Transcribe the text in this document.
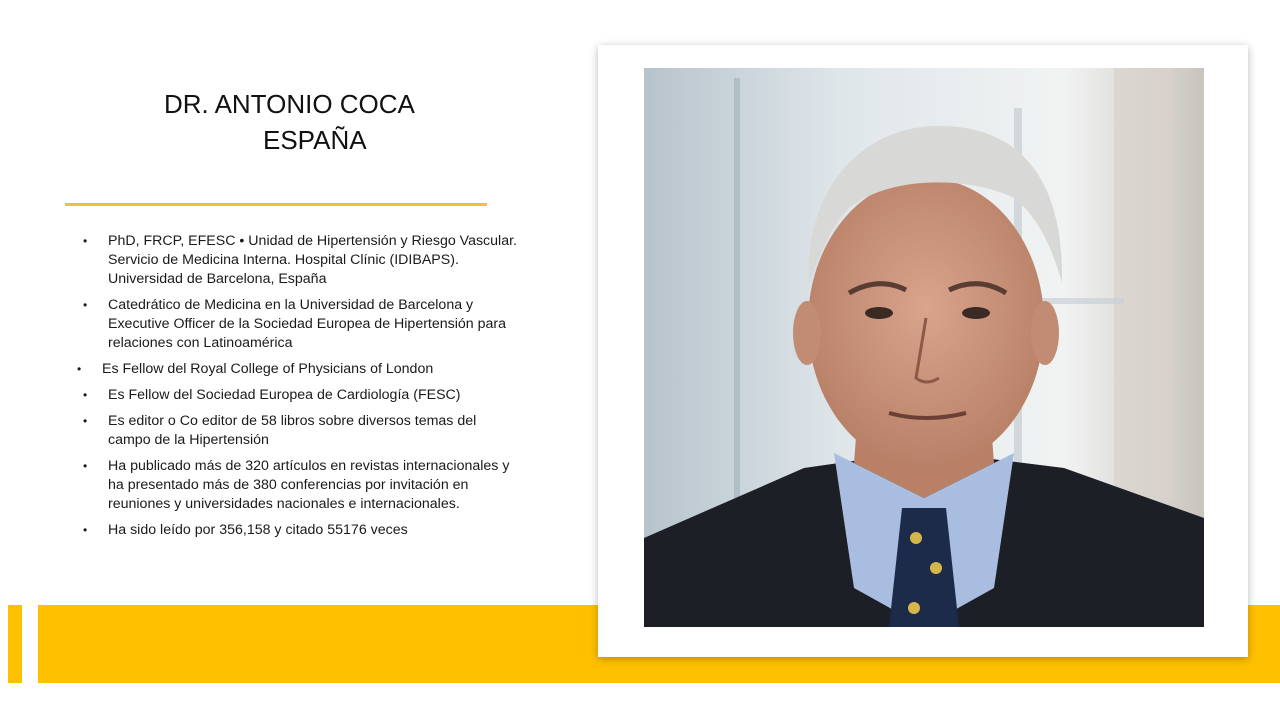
DR. ANTONIO COCA
ESPAÑA
• PhD, FRCP, EFESC • Unidad de Hipertensión y Riesgo Vascular. Servicio de Medicina Interna. Hospital Clínic (IDIBAPS). Universidad de Barcelona, España
• Catedrático de Medicina en la Universidad de Barcelona y Executive Officer de la Sociedad Europea de Hipertensión para relaciones con Latinoamérica
• Es Fellow del Royal College of Physicians of London
• Es Fellow del Sociedad Europea de Cardiología (FESC)
• Es editor o Co editor de 58 libros sobre diversos temas del campo de la Hipertensión
• Ha publicado más de 320 artículos en revistas internacionales y ha presentado más de 380 conferencias por invitación en reuniones y universidades nacionales e internacionales.
• Ha sido leído por 356,158 y citado 55176 veces
